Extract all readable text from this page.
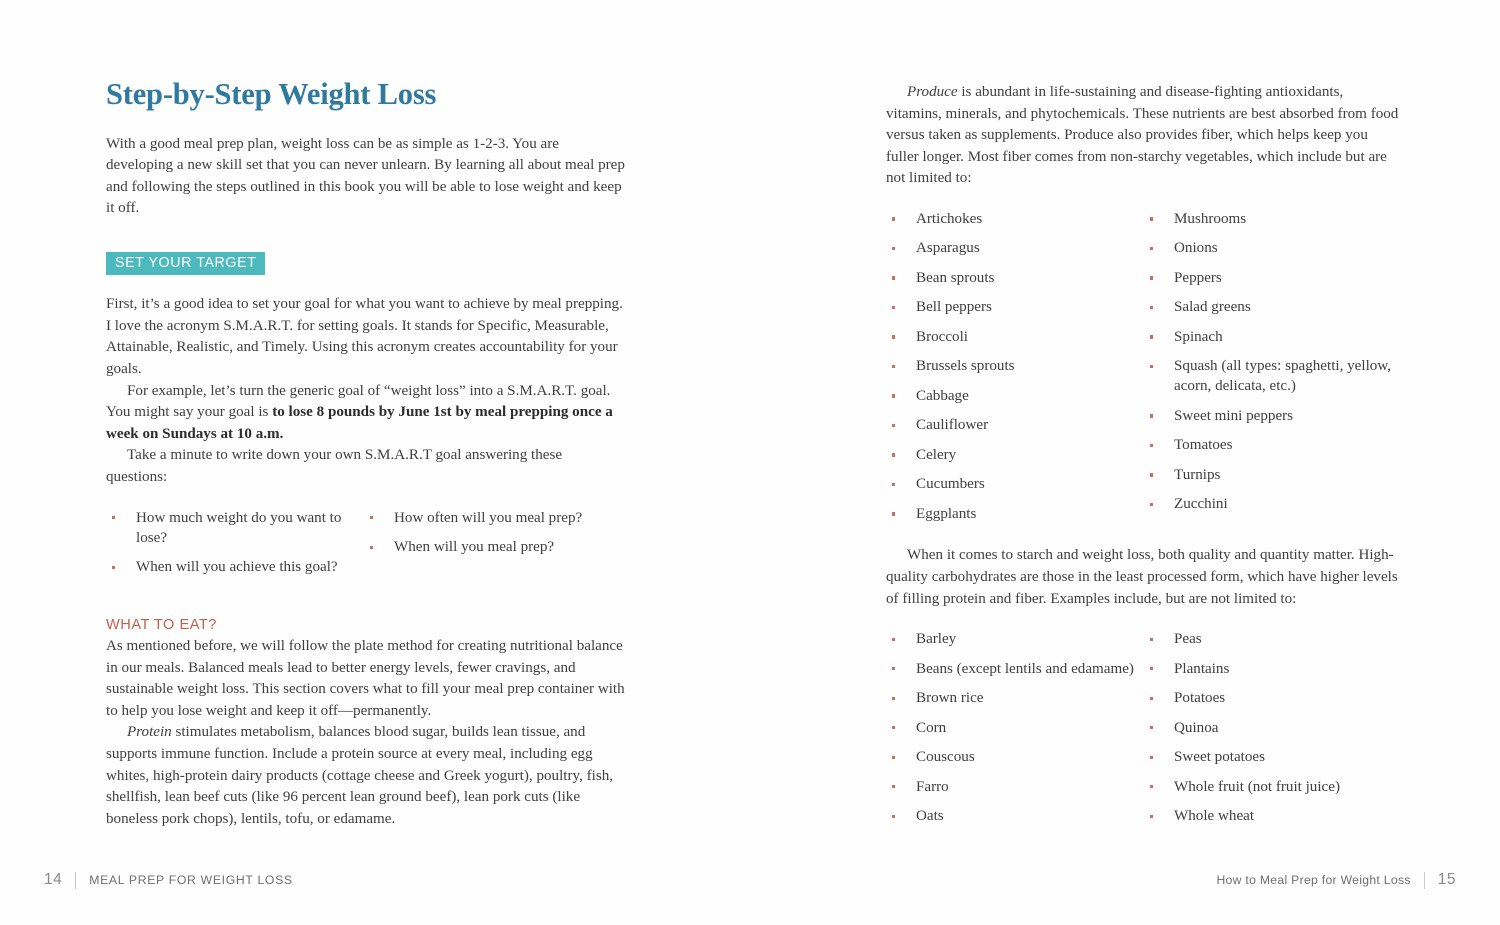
Step-by-Step Weight Loss

With a good meal prep plan, weight loss can be as simple as 1-2-3. You are developing a new skill set that you can never unlearn. By learning all about meal prep and following the steps outlined in this book you will be able to lose weight and keep it off.

SET YOUR TARGET

First, it’s a good idea to set your goal for what you want to achieve by meal prepping. I love the acronym S.M.A.R.T. for setting goals. It stands for Specific, Measurable, Attainable, Realistic, and Timely. Using this acronym creates accountability for your goals.

For example, let’s turn the generic goal of “weight loss” into a S.M.A.R.T. goal. You might say your goal is to lose 8 pounds by June 1st by meal prepping once a week on Sundays at 10 a.m.

Take a minute to write down your own S.M.A.R.T goal answering these questions:

How much weight do you want to lose?
When will you achieve this goal?
How often will you meal prep?
When will you meal prep?
WHAT TO EAT?

As mentioned before, we will follow the plate method for creating nutritional balance in our meals. Balanced meals lead to better energy levels, fewer cravings, and sustainable weight loss. This section covers what to fill your meal prep container with to help you lose weight and keep it off—permanently.

Protein stimulates metabolism, balances blood sugar, builds lean tissue, and supports immune function. Include a protein source at every meal, including egg whites, high-protein dairy products (cottage cheese and Greek yogurt), poultry, fish, shellfish, lean beef cuts (like 96 percent lean ground beef), lean pork cuts (like boneless pork chops), lentils, tofu, or edamame.

14 MEAL PREP FOR WEIGHT LOSS

Produce is abundant in life-sustaining and disease-fighting antioxidants, vitamins, minerals, and phytochemicals. These nutrients are best absorbed from food versus taken as supplements. Produce also provides fiber, which helps keep you fuller longer. Most fiber comes from non-starchy vegetables, which include but are not limited to:

Artichokes
Asparagus
Bean sprouts
Bell peppers
Broccoli
Brussels sprouts
Cabbage
Cauliflower
Celery
Cucumbers
Eggplants
Mushrooms
Onions
Peppers
Salad greens
Spinach
Squash (all types: spaghetti, yellow, acorn, delicata, etc.)
Sweet mini peppers
Tomatoes
Turnips
Zucchini

When it comes to starch and weight loss, both quality and quantity matter. High-quality carbohydrates are those in the least processed form, which have higher levels of filling protein and fiber. Examples include, but are not limited to:

Barley
Beans (except lentils and edamame)
Brown rice
Corn
Couscous
Farro
Oats
Peas
Plantains
Potatoes
Quinoa
Sweet potatoes
Whole fruit (not fruit juice)
Whole wheat
How to Meal Prep for Weight Loss 15
